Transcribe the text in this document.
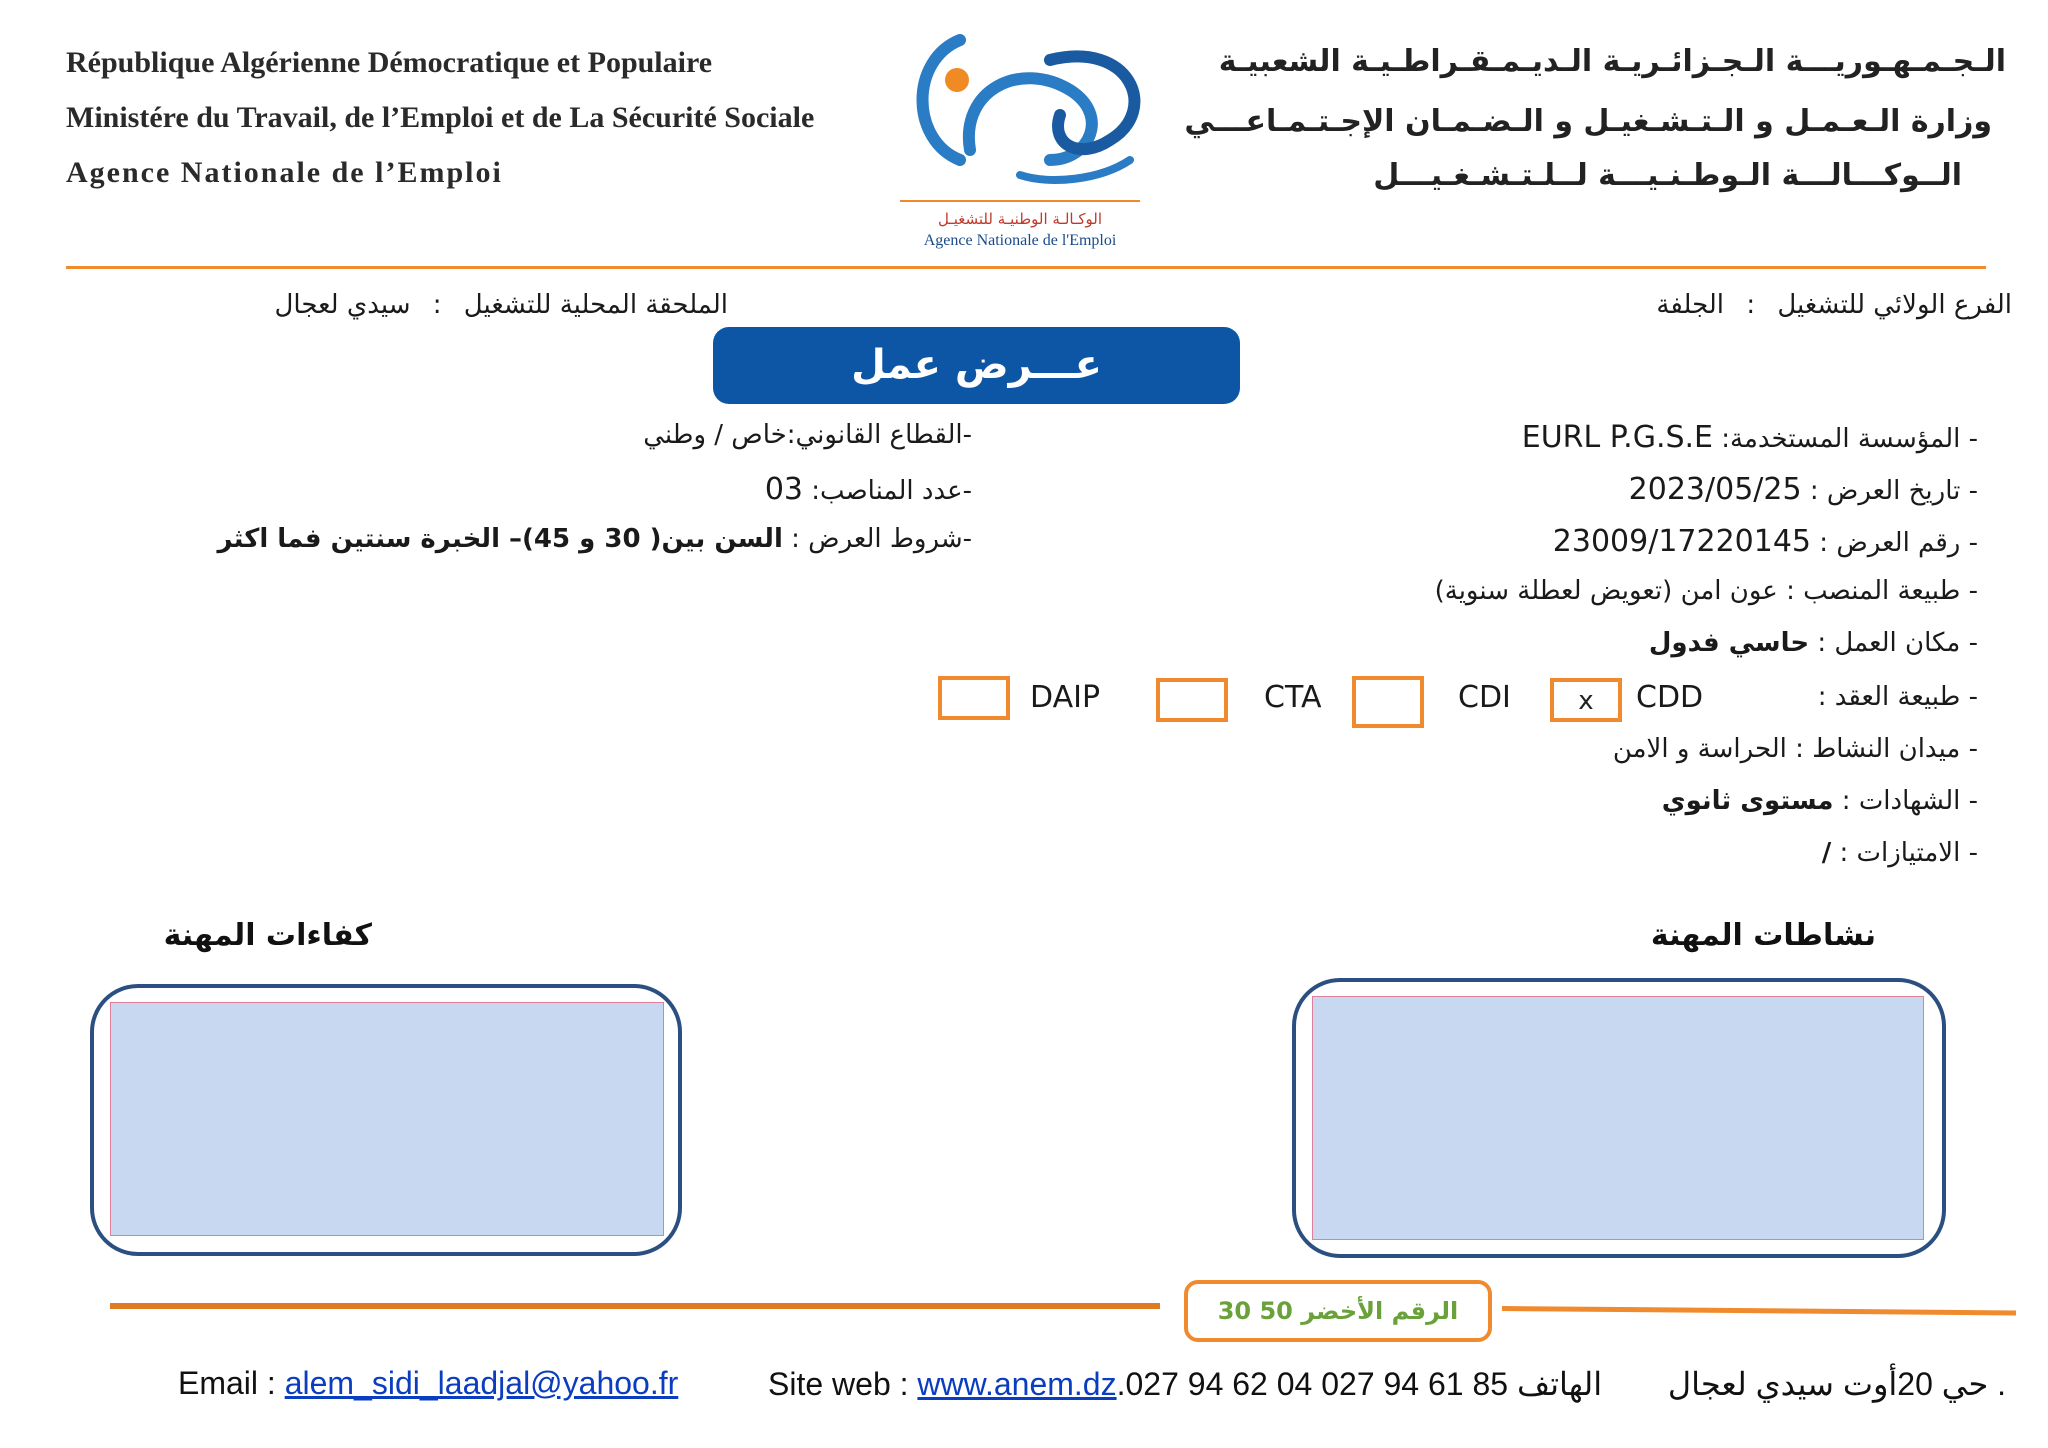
République Algérienne Démocratique et Populaire
Ministére du Travail, de l’Emploi et de La Sécurité Sociale
Agence Nationale de l’Emploi
الوكـالـة الوطنيـة للتشغيـل
Agence Nationale de l'Emploi
الـجـمـهـوريـــة الـجـزائـريـة الـديـمـقـراطـيـة الشعبيـة
وزارة الـعـمـل و الـتـشـغيـل و الـضـمـان الإجـتـمـاعـــي
الــوكـــالـــة الـوطـنـيـــة لــلـتـشـغـيـــل
الفرع الولائي للتشغيل : الجلفة
الملحقة المحلية للتشغيل : سيدي لعجال
عـــرض عمل
- المؤسسة المستخدمة: EURL P.G.S.E
- تاريخ العرض : 2023/05/25
- رقم العرض : 23009/17220145
- طبيعة المنصب : عون امن (تعويض لعطلة سنوية)
- مكان العمل : حاسي فدول
- طبيعة العقد :
CDD
x
CDI
CTA
DAIP
- ميدان النشاط : الحراسة و الامن
- الشهادات : مستوى ثانوي
- الامتيازات : /
-القطاع القانوني:خاص / وطني
-عدد المناصب: 03
-شروط العرض : السن بين( 30 و 45)– الخبرة سنتين فما اكثر
نشاطات المهنة
كفاءات المهنة
الرقم الأخضر 50 30
Email : alem_sidi_laadjal@yahoo.fr	Site web : www.anem.dz.027 94 62 04 027 94 61 85 الهاتف . حي 20أوت سيدي لعجال
